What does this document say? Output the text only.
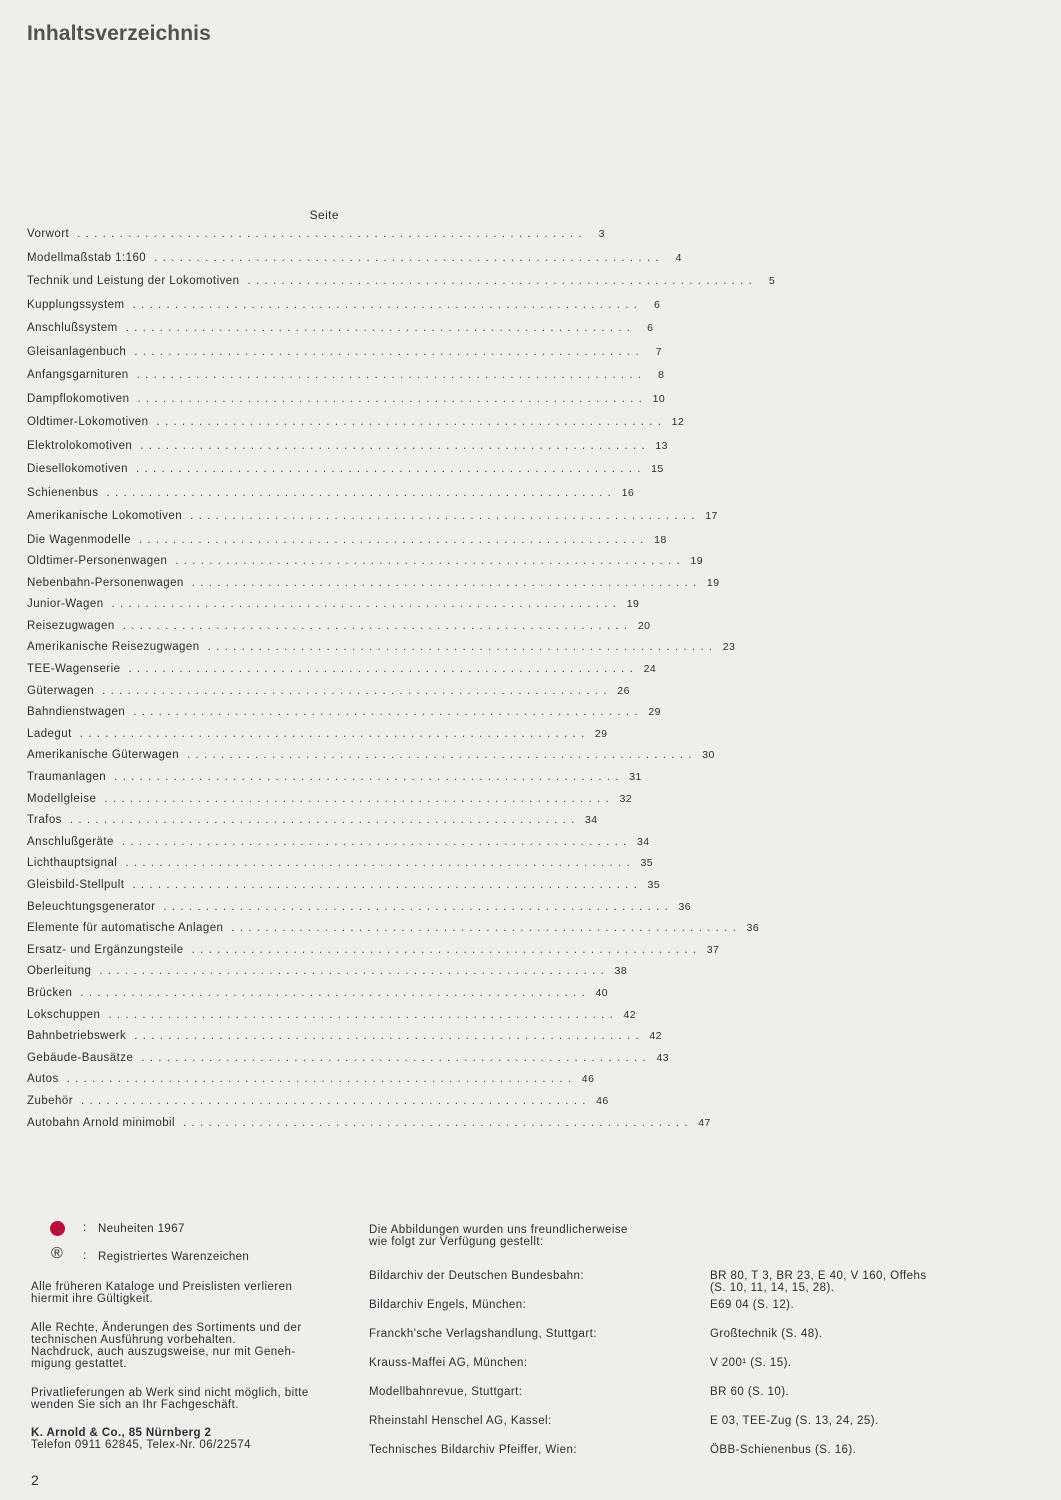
Inhaltsverzeichnis
Seite
Vorwort ............................................................	3
Modellmaßstab 1:160 ............................................................	4
Technik und Leistung der Lokomotiven ............................................................	5
Kupplungssystem ............................................................	6
Anschlußsystem ............................................................	6
Gleisanlagenbuch ............................................................	7
Anfangsgarnituren ............................................................	8
Dampflokomotiven ............................................................ 10
Oldtimer-Lokomotiven ............................................................ 12
Elektrolokomotiven ............................................................ 13
Diesellokomotiven ............................................................ 15
Schienenbus ............................................................ 16
Amerikanische Lokomotiven ............................................................ 17
Die Wagenmodelle ............................................................ 18
Oldtimer-Personenwagen ............................................................ 19
Nebenbahn-Personenwagen ............................................................ 19
Junior-Wagen ............................................................ 19
Reisezugwagen ............................................................ 20
Amerikanische Reisezugwagen ............................................................ 23
TEE-Wagenserie ............................................................ 24
Güterwagen ............................................................ 26
Bahndienstwagen ............................................................ 29
Ladegut ............................................................ 29
Amerikanische Güterwagen ............................................................ 30
Traumanlagen ............................................................ 31
Modellgleise ............................................................ 32
Trafos ............................................................ 34
Anschlußgeräte ............................................................ 34
Lichthauptsignal ............................................................ 35
Gleisbild-Stellpult ............................................................ 35
Beleuchtungsgenerator ............................................................ 36
Elemente für automatische Anlagen ............................................................ 36
Ersatz- und Ergänzungsteile ............................................................ 37
Oberleitung ............................................................ 38
Brücken ............................................................ 40
Lokschuppen ............................................................ 42
Bahnbetriebswerk ............................................................ 42
Gebäude-Bausätze ............................................................ 43
Autos ............................................................ 46
Zubehör ............................................................ 46
Autobahn Arnold minimobil ............................................................ 47
: Neuheiten 1967
® : Registriertes Warenzeichen

Alle früheren Kataloge und Preislisten verlieren

hiermit ihre Gültigkeit.

Alle Rechte, Änderungen des Sortiments und der

technischen Ausführung vorbehalten.

Nachdruck, auch auszugsweise, nur mit Geneh-

migung gestattet.

Privatlieferungen ab Werk sind nicht möglich, bitte

wenden Sie sich an Ihr Fachgeschäft.

K. Arnold & Co., 85 Nürnberg 2

Telefon 0911 62845, Telex-Nr. 06/22574

Die Abbildungen wurden uns freundlicherweise
wie folgt zur Verfügung gestellt:
Bildarchiv der Deutschen Bundesbahn:	BR 80, T 3, BR 23, E 40, V 160, Offehs
(S. 10, 11, 14, 15, 28).
Bildarchiv Engels, München:	E69 04 (S. 12).
Franckh'sche Verlagshandlung, Stuttgart:	Großtechnik (S. 48).
Krauss-Maffei AG, München:	V 200¹ (S. 15).
Modellbahnrevue, Stuttgart:	BR 60 (S. 10).
Rheinstahl Henschel AG, Kassel:	E 03, TEE-Zug (S. 13, 24, 25).
Technisches Bildarchiv Pfeiffer, Wien:	ÖBB-Schienenbus (S. 16).
2
